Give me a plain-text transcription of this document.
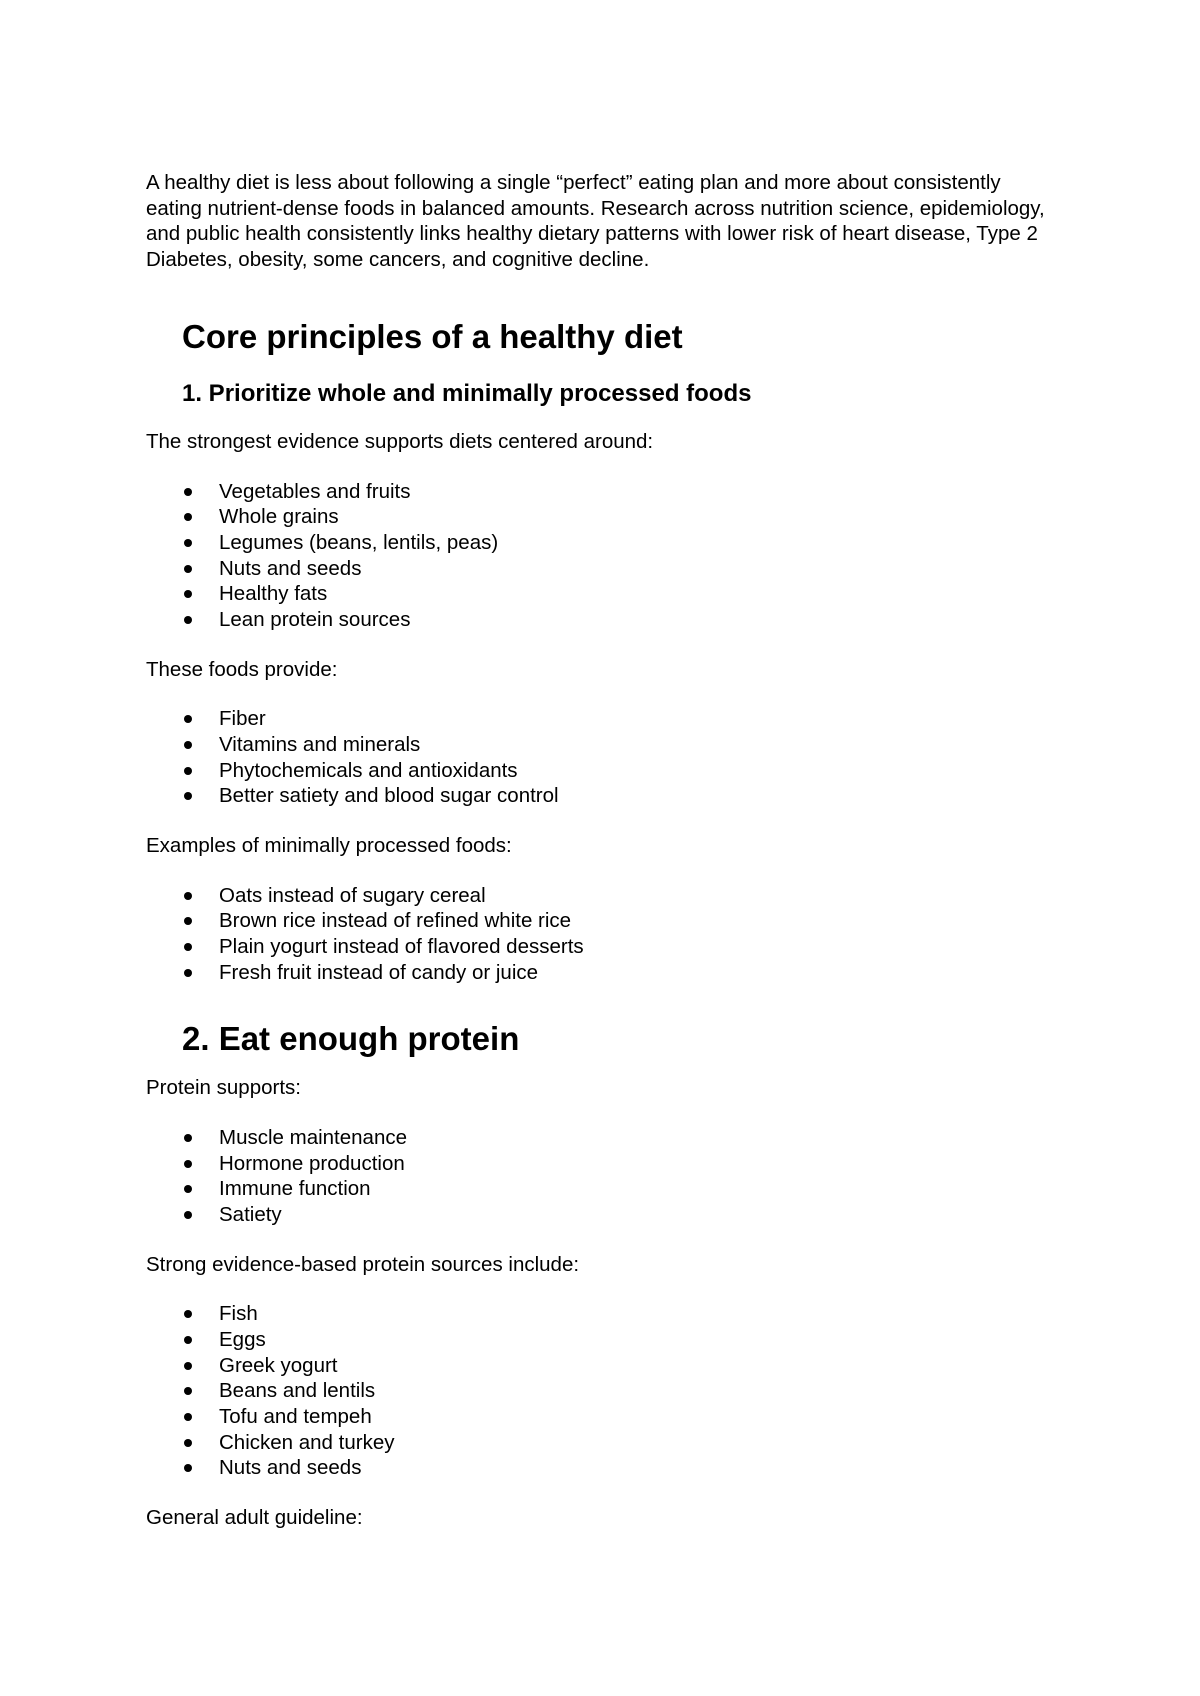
A healthy diet is less about following a single “perfect” eating plan and more about consistently eating nutrient-dense foods in balanced amounts. Research across nutrition science, epidemiology, and public health consistently links healthy dietary patterns with lower risk of heart disease, Type 2 Diabetes, obesity, some cancers, and cognitive decline.

Core principles of a healthy diet
1. Prioritize whole and minimally processed foods

The strongest evidence supports diets centered around:

Vegetables and fruits
Whole grains
Legumes (beans, lentils, peas)
Nuts and seeds
Healthy fats
Lean protein sources

These foods provide:

Fiber
Vitamins and minerals
Phytochemicals and antioxidants
Better satiety and blood sugar control

Examples of minimally processed foods:

Oats instead of sugary cereal
Brown rice instead of refined white rice
Plain yogurt instead of flavored desserts
Fresh fruit instead of candy or juice
2. Eat enough protein

Protein supports:

Muscle maintenance
Hormone production
Immune function
Satiety

Strong evidence-based protein sources include:

Fish
Eggs
Greek yogurt
Beans and lentils
Tofu and tempeh
Chicken and turkey
Nuts and seeds

General adult guideline:
